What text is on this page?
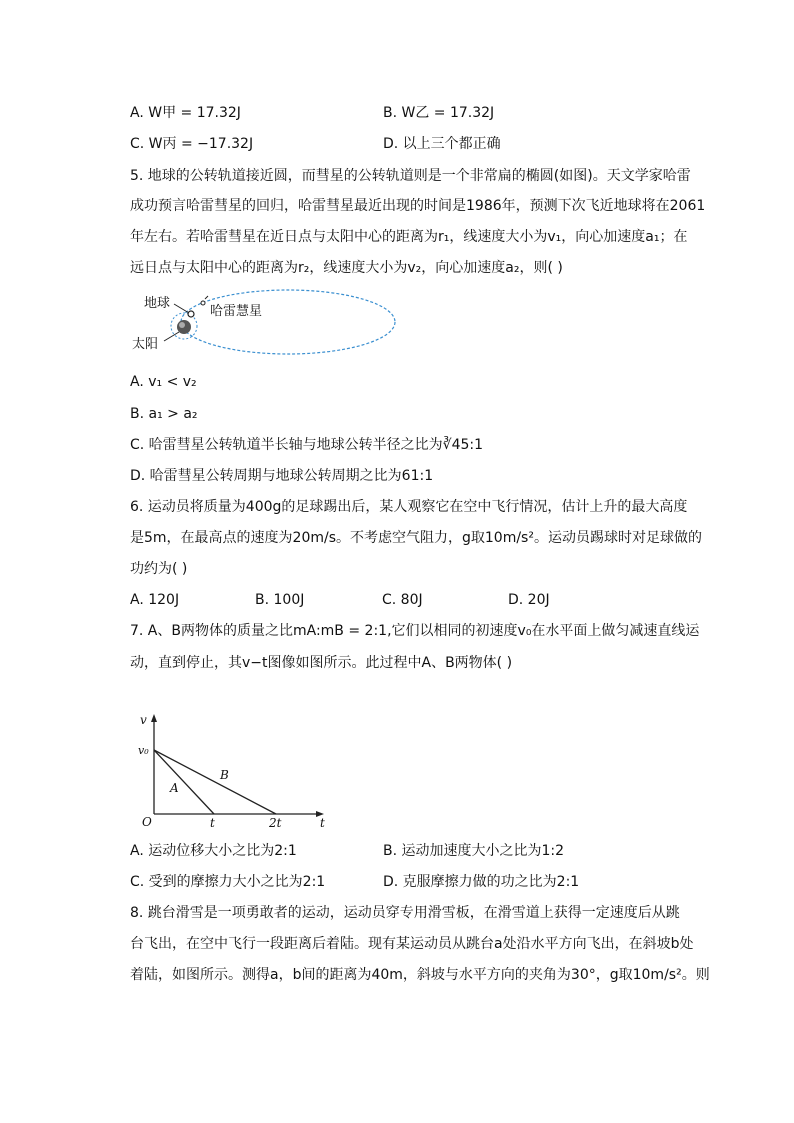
A. W甲 = 17.32J	B. W乙 = 17.32J
C. W丙 = −17.32J	D. 以上三个都正确
5. 地球的公转轨道接近圆，而彗星的公转轨道则是一个非常扁的椭圆(如图)。天文学家哈雷
成功预言哈雷彗星的回归，哈雷彗星最近出现的时间是1986年，预测下次飞近地球将在2061
年左右。若哈雷彗星在近日点与太阳中心的距离为r₁，线速度大小为v₁，向心加速度a₁；在
远日点与太阳中心的距离为r₂，线速度大小为v₂，向心加速度a₂，则( )
地球
哈雷慧星
太阳
A. v₁ < v₂
B. a₁ > a₂
C. 哈雷彗星公转轨道半长轴与地球公转半径之比为∛45:1
D. 哈雷彗星公转周期与地球公转周期之比为61:1
6. 运动员将质量为400g的足球踢出后，某人观察它在空中飞行情况，估计上升的最大高度
是5m，在最高点的速度为20m/s。不考虑空气阻力，g取10m/s²。运动员踢球时对足球做的
功约为( )
A. 120J	B. 100J	C. 80J	D. 20J
7. A、B两物体的质量之比mA:mB = 2:1,它们以相同的初速度v₀在水平面上做匀减速直线运
动，直到停止，其v−t图像如图所示。此过程中A、B两物体( )
v
v₀
O	t	2t	t
A
B
A. 运动位移大小之比为2:1	B. 运动加速度大小之比为1:2
C. 受到的摩擦力大小之比为2:1	D. 克服摩擦力做的功之比为2:1
8. 跳台滑雪是一项勇敢者的运动，运动员穿专用滑雪板，在滑雪道上获得一定速度后从跳
台飞出，在空中飞行一段距离后着陆。现有某运动员从跳台a处沿水平方向飞出，在斜坡b处
着陆，如图所示。测得a，b间的距离为40m，斜坡与水平方向的夹角为30°，g取10m/s²。则
